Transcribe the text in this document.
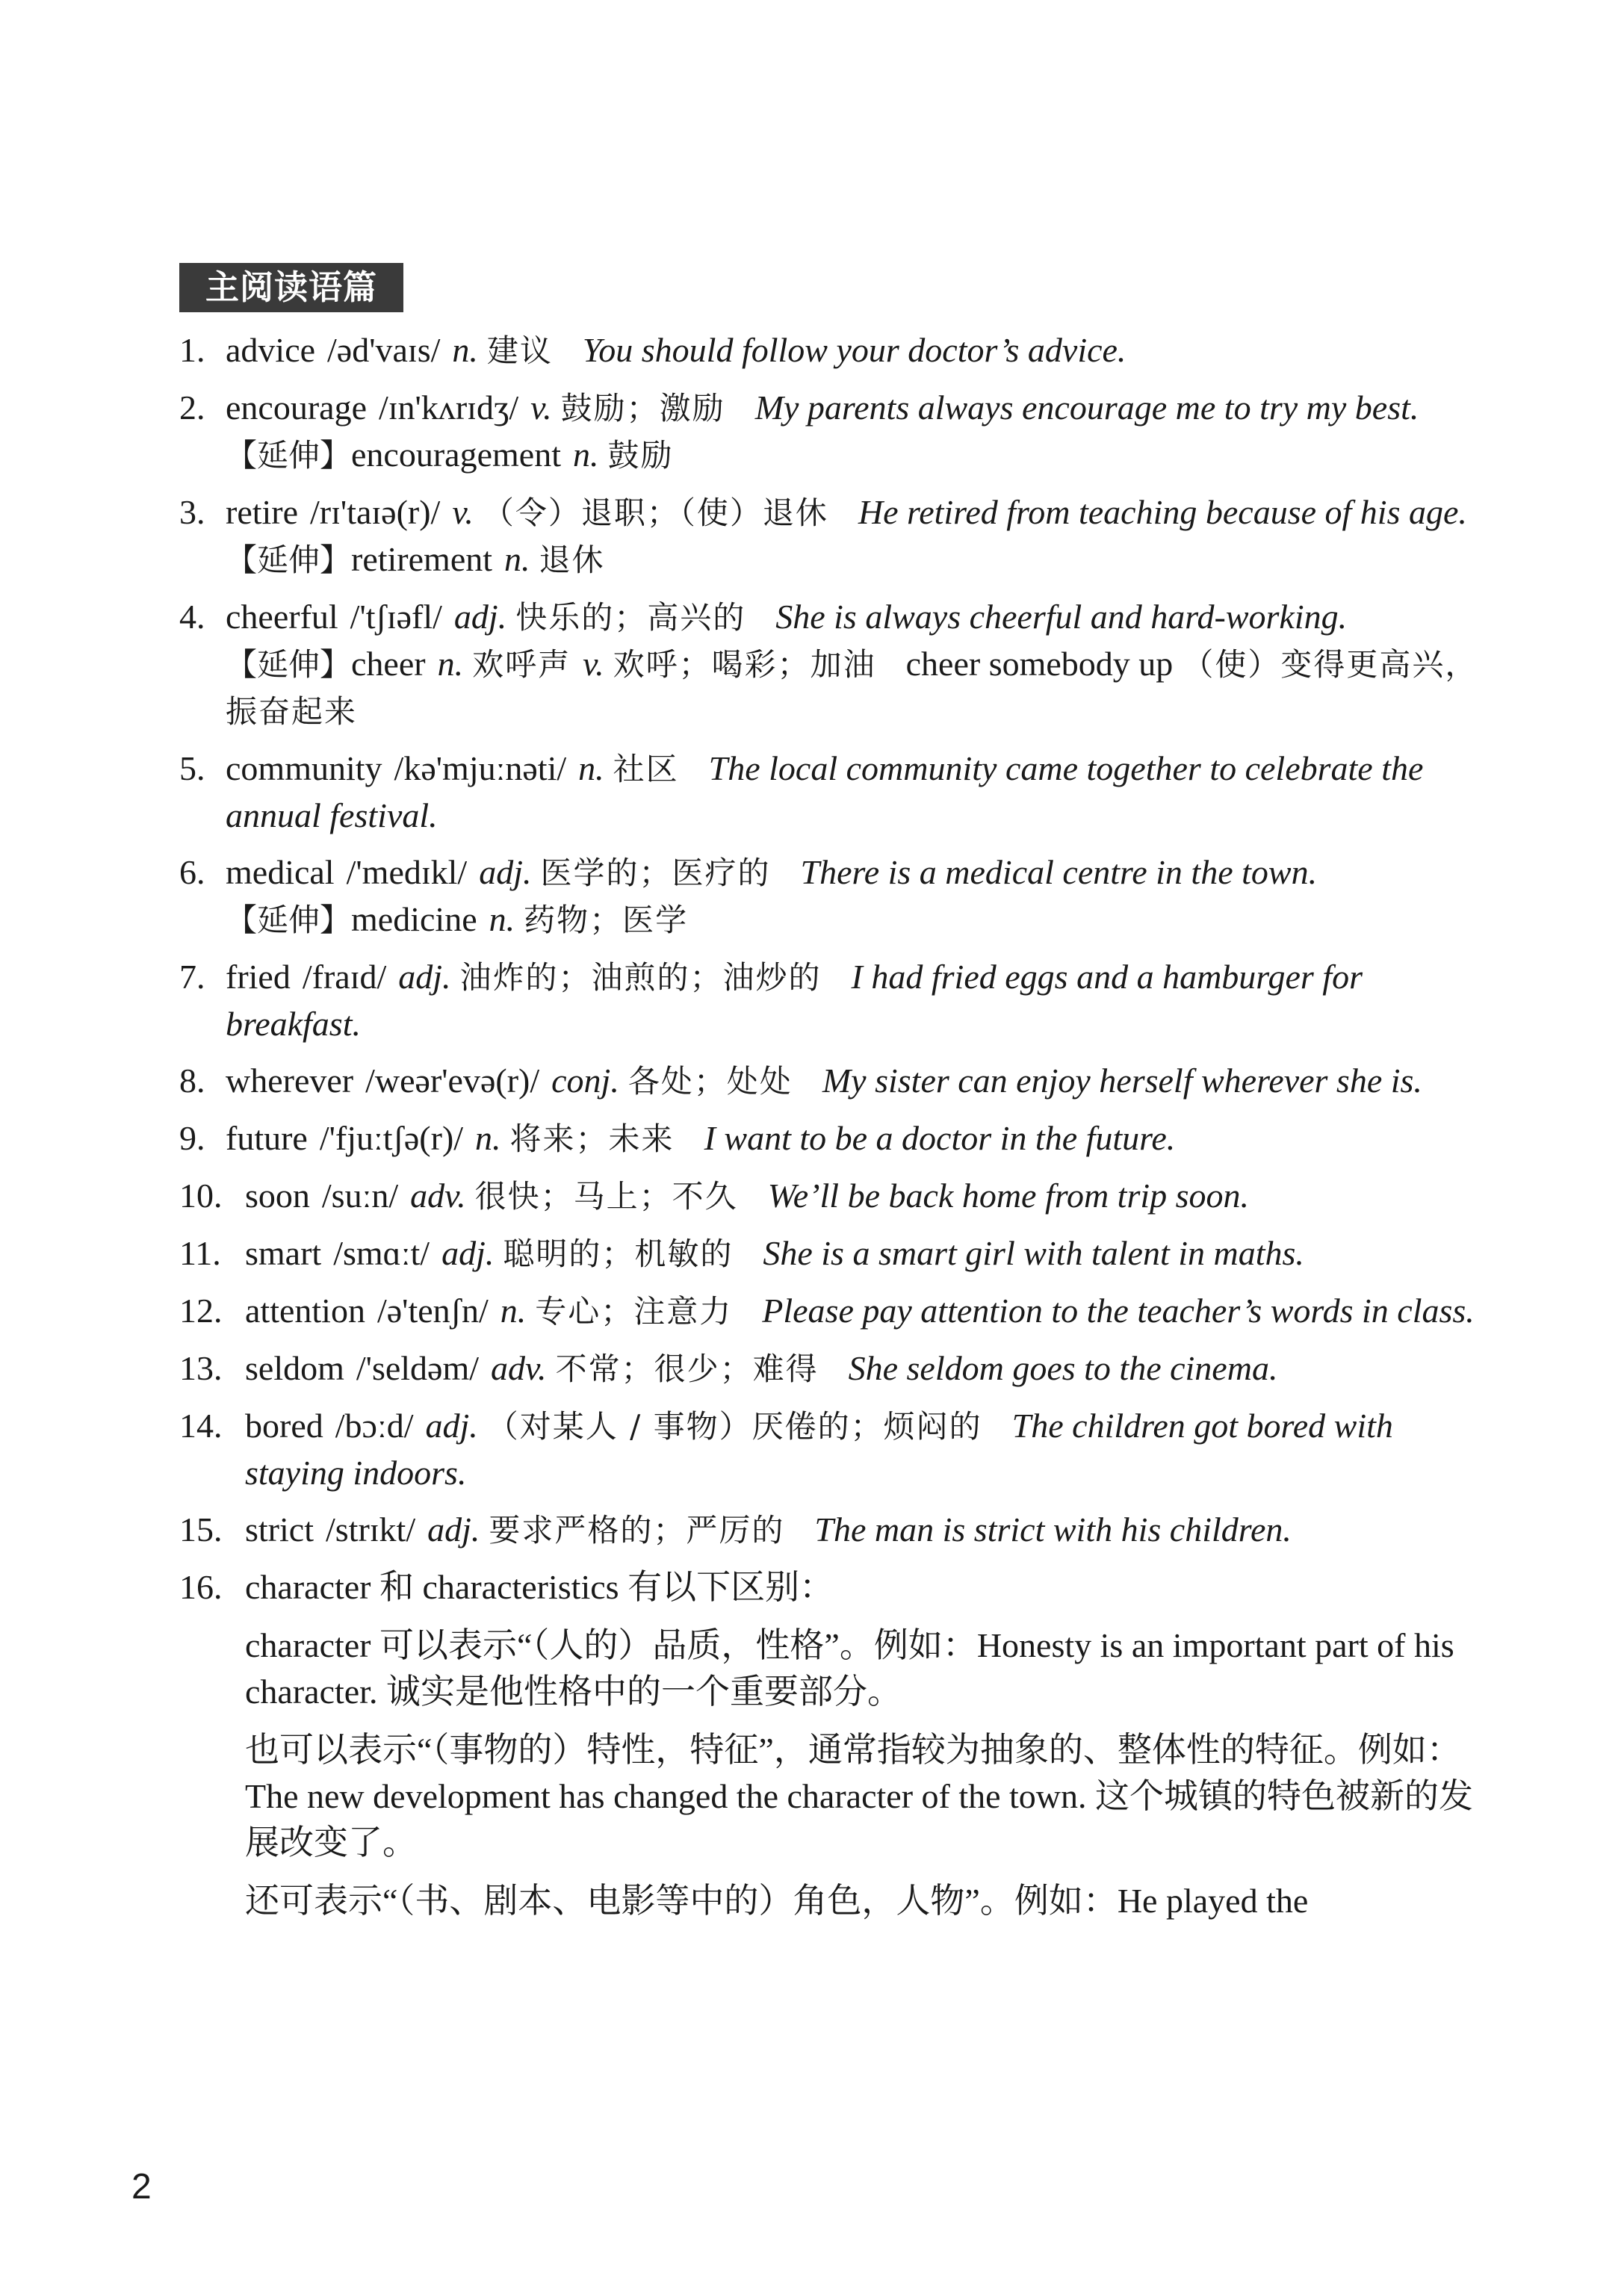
主阅读语篇
1. advice /əd'vaɪs/ n. 建议 You should follow your doctor’s advice.
2. encourage /ɪn'kʌrɪdʒ/ v. 鼓励；激励 My parents always encourage me to try my best.
【延伸】encouragement n. 鼓励
3. retire /rɪ'taɪə(r)/ v. （令）退职；（使）退休 He retired from teaching because of his age.
【延伸】retirement n. 退休
4. cheerful /'tʃɪəfl/ adj. 快乐的；高兴的 She is always cheerful and hard-working.
【延伸】cheer n. 欢呼声 v. 欢呼；喝彩；加油 cheer somebody up （使）变得更高兴，振奋起来
5. community /kə'mjuːnəti/ n. 社区 The local community came together to celebrate the annual festival.
6. medical /'medɪkl/ adj. 医学的；医疗的 There is a medical centre in the town.
【延伸】medicine n. 药物；医学
7. fried /fraɪd/ adj. 油炸的；油煎的；油炒的 I had fried eggs and a hamburger for breakfast.
8. wherever /weər'evə(r)/ conj. 各处；处处 My sister can enjoy herself wherever she is.
9. future /'fjuːtʃə(r)/ n. 将来；未来 I want to be a doctor in the future.
10. soon /suːn/ adv. 很快；马上；不久 We’ll be back home from trip soon.
11. smart /smɑːt/ adj. 聪明的；机敏的 She is a smart girl with talent in maths.
12. attention /ə'tenʃn/ n. 专心；注意力 Please pay attention to the teacher’s words in class.
13. seldom /'seldəm/ adv. 不常；很少；难得 She seldom goes to the cinema.
14. bored /bɔːd/ adj. （对某人 / 事物）厌倦的；烦闷的 The children got bored with staying indoors.
15. strict /strɪkt/ adj. 要求严格的；严厉的 The man is strict with his children.
16. character 和 characteristics 有以下区别：
character 可以表示“（人的）品质，性格”。例如：Honesty is an important part of his character. 诚实是他性格中的一个重要部分。
也可以表示“（事物的）特性，特征”，通常指较为抽象的、整体性的特征。例如：The new development has changed the character of the town. 这个城镇的特色被新的发展改变了。
还可表示“（书、剧本、电影等中的）角色，人物”。例如：He played the
2
